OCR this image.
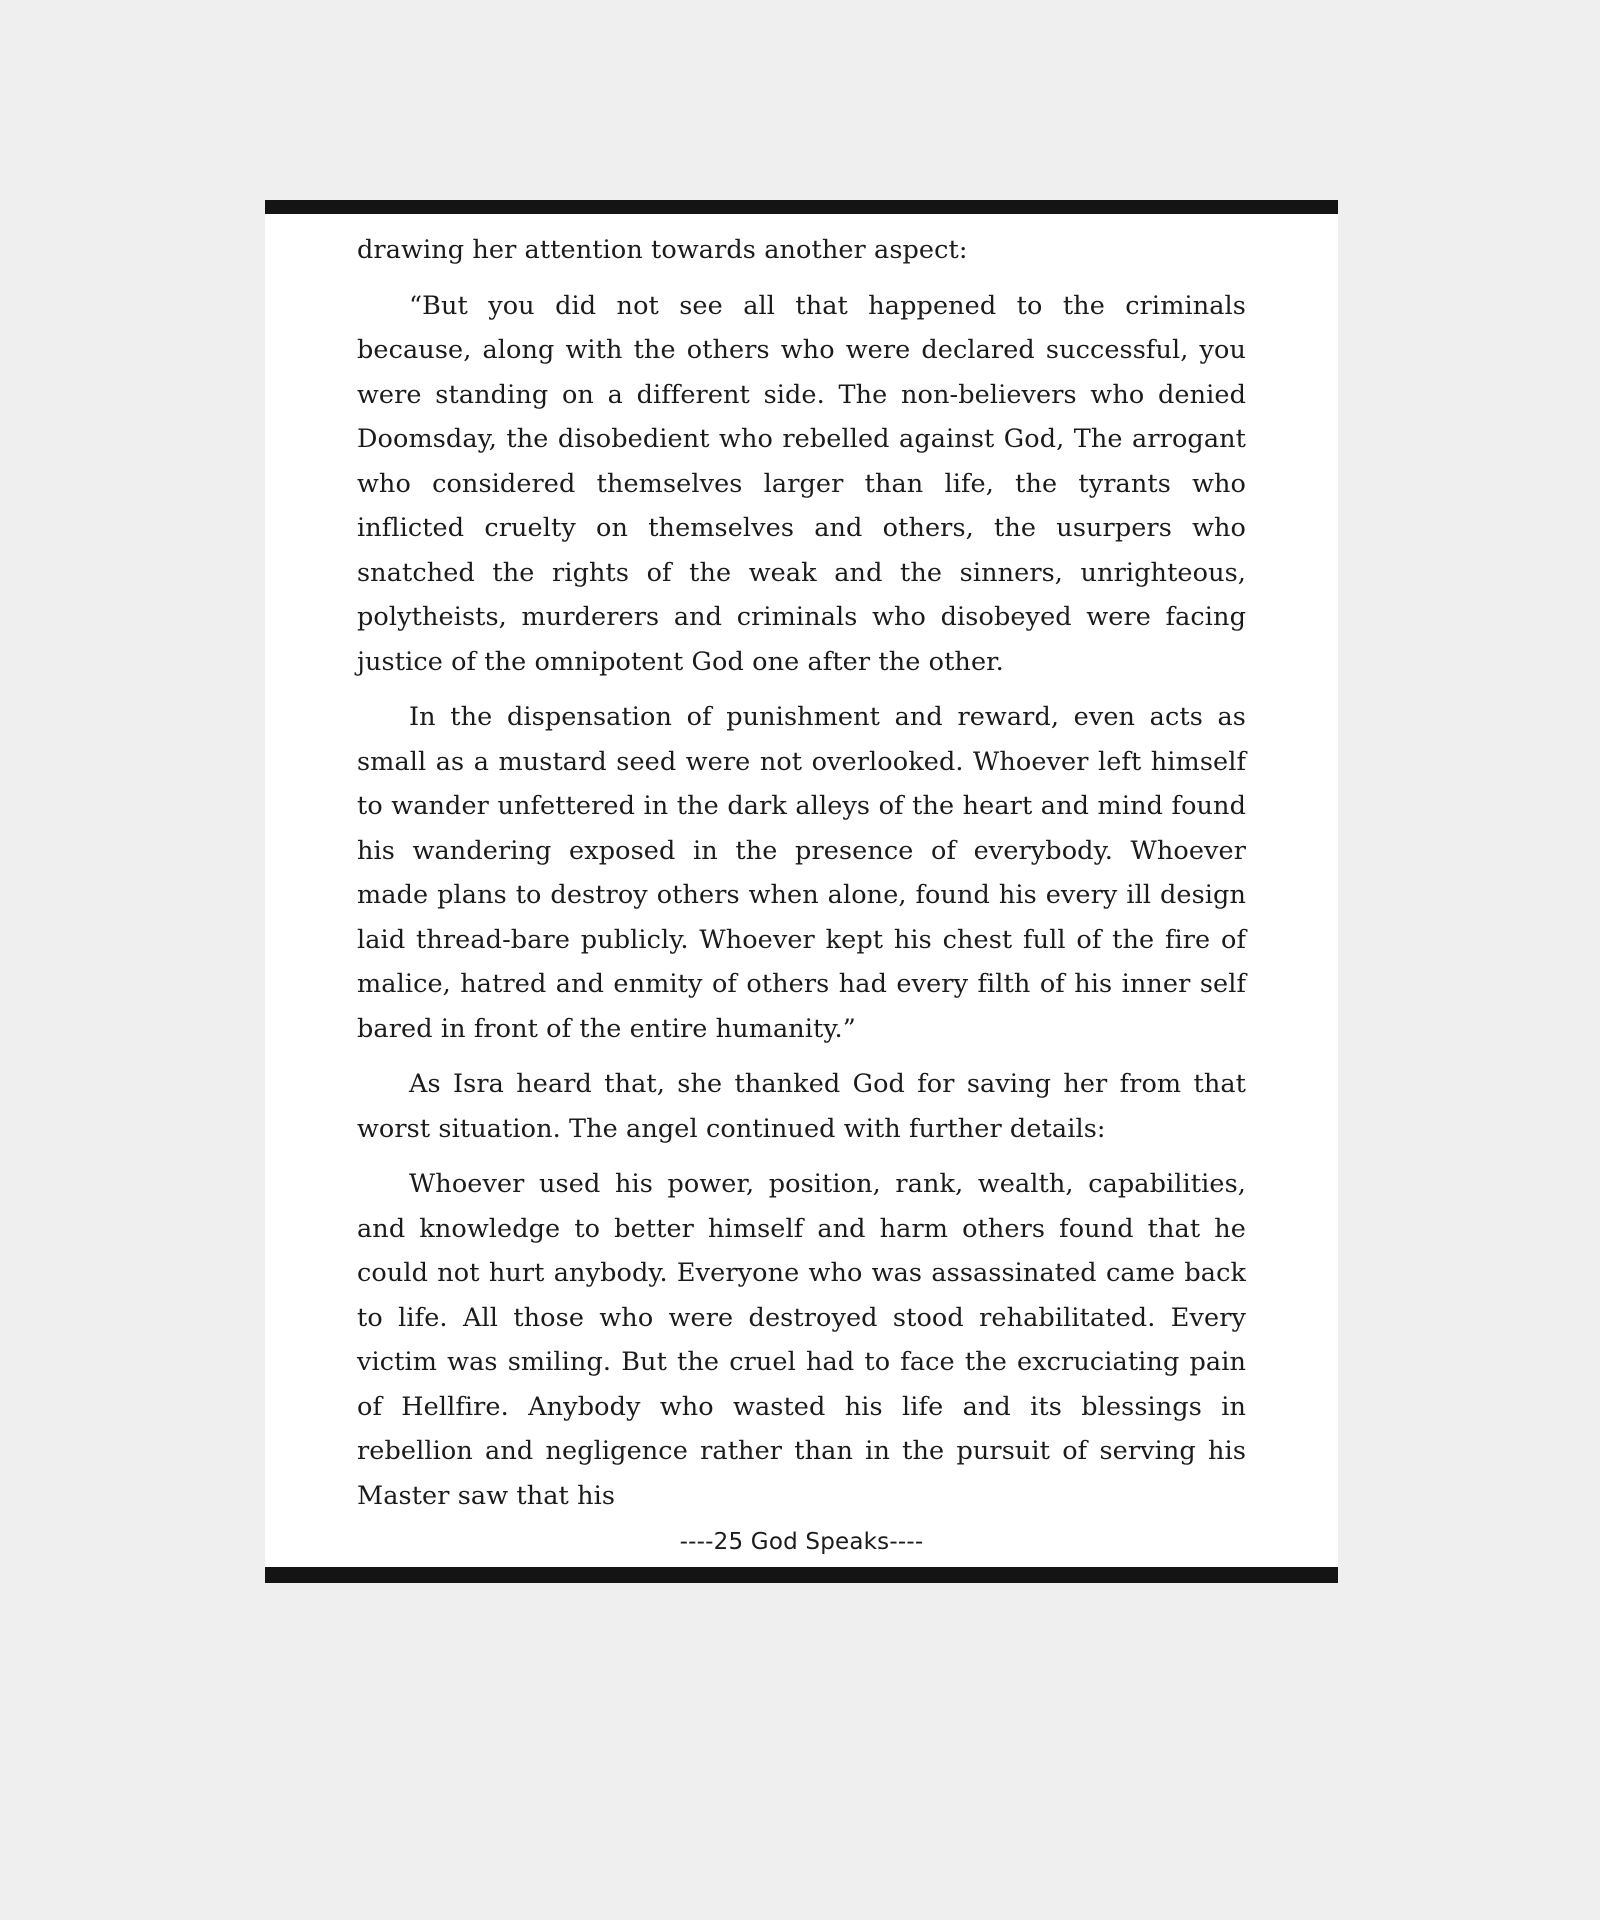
drawing her attention towards another aspect:

“But you did not see all that happened to the criminals because, along with the others who were declared successful, you were standing on a different side. The non-believers who denied Doomsday, the disobedient who rebelled against God, The arrogant who considered themselves larger than life, the tyrants who inflicted cruelty on themselves and others, the usurpers who snatched the rights of the weak and the sinners, unrighteous, polytheists, murderers and criminals who disobeyed were facing justice of the omnipotent God one after the other.

In the dispensation of punishment and reward, even acts as small as a mustard seed were not overlooked. Whoever left himself to wander unfettered in the dark alleys of the heart and mind found his wandering exposed in the presence of everybody. Whoever made plans to destroy others when alone, found his every ill design laid thread-bare publicly. Whoever kept his chest full of the fire of malice, hatred and enmity of others had every filth of his inner self bared in front of the entire humanity.”

As Isra heard that, she thanked God for saving her from that worst situation. The angel continued with further details:

Whoever used his power, position, rank, wealth, capabilities, and knowledge to better himself and harm others found that he could not hurt anybody. Everyone who was assassinated came back to life. All those who were destroyed stood rehabilitated. Every victim was smiling. But the cruel had to face the excruciating pain of Hellfire. Anybody who wasted his life and its blessings in rebellion and negligence rather than in the pursuit of serving his Master saw that his

----25 God Speaks----
